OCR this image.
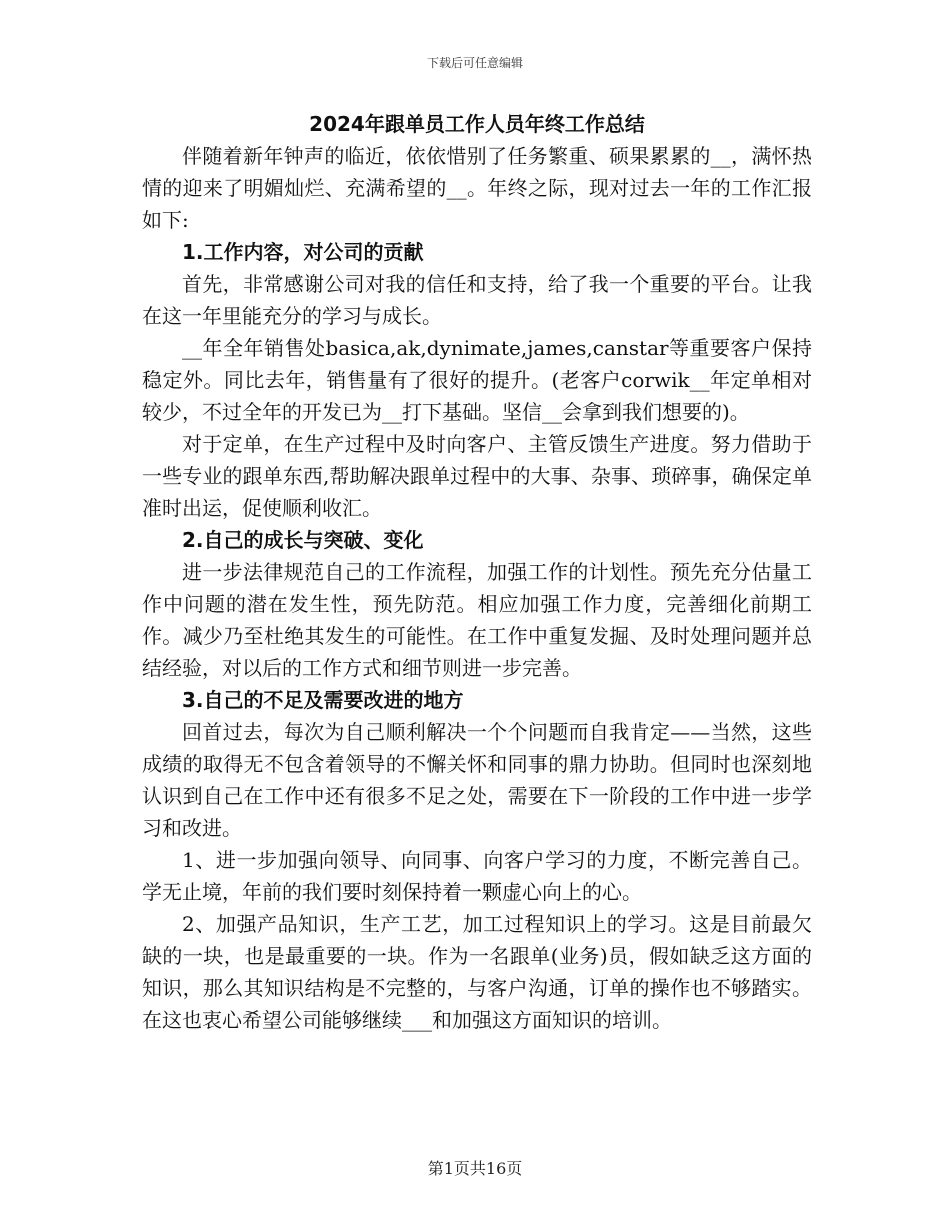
下载后可任意编辑
2024年跟单员工作人员年终工作总结

伴随着新年钟声的临近，依依惜别了任务繁重、硕果累累的__，满怀热情的迎来了明媚灿烂、充满希望的__。年终之际，现对过去一年的工作汇报如下:

1.工作内容，对公司的贡献

首先，非常感谢公司对我的信任和支持，给了我一个重要的平台。让我在这一年里能充分的学习与成长。

__年全年销售处basica,ak,dynimate,james,canstar等重要客户保持稳定外。同比去年，销售量有了很好的提升。(老客户corwik__年定单相对较少，不过全年的开发已为__打下基础。坚信__会拿到我们想要的)。

对于定单，在生产过程中及时向客户、主管反馈生产进度。努力借助于一些专业的跟单东西,帮助解决跟单过程中的大事、杂事、琐碎事，确保定单准时出运，促使顺利收汇。

2.自己的成长与突破、变化

进一步法律规范自己的工作流程，加强工作的计划性。预先充分估量工作中问题的潜在发生性，预先防范。相应加强工作力度，完善细化前期工作。减少乃至杜绝其发生的可能性。在工作中重复发掘、及时处理问题并总结经验，对以后的工作方式和细节则进一步完善。

3.自己的不足及需要改进的地方

回首过去，每次为自己顺利解决一个个问题而自我肯定——当然，这些成绩的取得无不包含着领导的不懈关怀和同事的鼎力协助。但同时也深刻地认识到自己在工作中还有很多不足之处，需要在下一阶段的工作中进一步学习和改进。

1、进一步加强向领导、向同事、向客户学习的力度，不断完善自己。学无止境，年前的我们要时刻保持着一颗虚心向上的心。

2、加强产品知识，生产工艺，加工过程知识上的学习。这是目前最欠缺的一块，也是最重要的一块。作为一名跟单(业务)员，假如缺乏这方面的知识，那么其知识结构是不完整的，与客户沟通，订单的操作也不够踏实。在这也衷心希望公司能够继续___和加强这方面知识的培训。

第1页共16页
